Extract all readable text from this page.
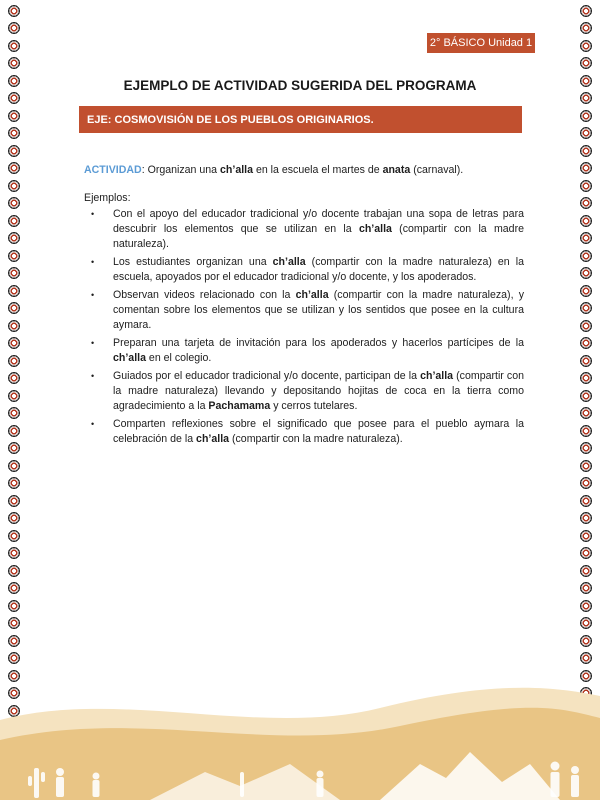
2° BÁSICO Unidad 1
EJEMPLO DE ACTIVIDAD SUGERIDA DEL PROGRAMA
EJE: COSMOVISIÓN DE LOS PUEBLOS ORIGINARIOS.

ACTIVIDAD: Organizan una ch’alla en la escuela el martes de anata (carnaval).

Ejemplos:

• Con el apoyo del educador tradicional y/o docente trabajan una sopa de letras para descubrir los elementos que se utilizan en la ch’alla (compartir con la madre naturaleza).
• Los estudiantes organizan una ch’alla (compartir con la madre naturaleza) en la escuela, apoyados por el educador tradicional y/o docente, y los apoderados.
• Observan videos relacionado con la ch’alla (compartir con la madre naturaleza), y comentan sobre los elementos que se utilizan y los sentidos que posee en la cultura aymara.
• Preparan una tarjeta de invitación para los apoderados y hacerlos partícipes de la ch’alla en el colegio.
• Guiados por el educador tradicional y/o docente, participan de la ch’alla (compartir con la madre naturaleza) llevando y depositando hojitas de coca en la tierra como agradecimiento a la Pachamama y cerros tutelares.
• Comparten reflexiones sobre el significado que posee para el pueblo aymara la celebración de la ch’alla (compartir con la madre naturaleza).
